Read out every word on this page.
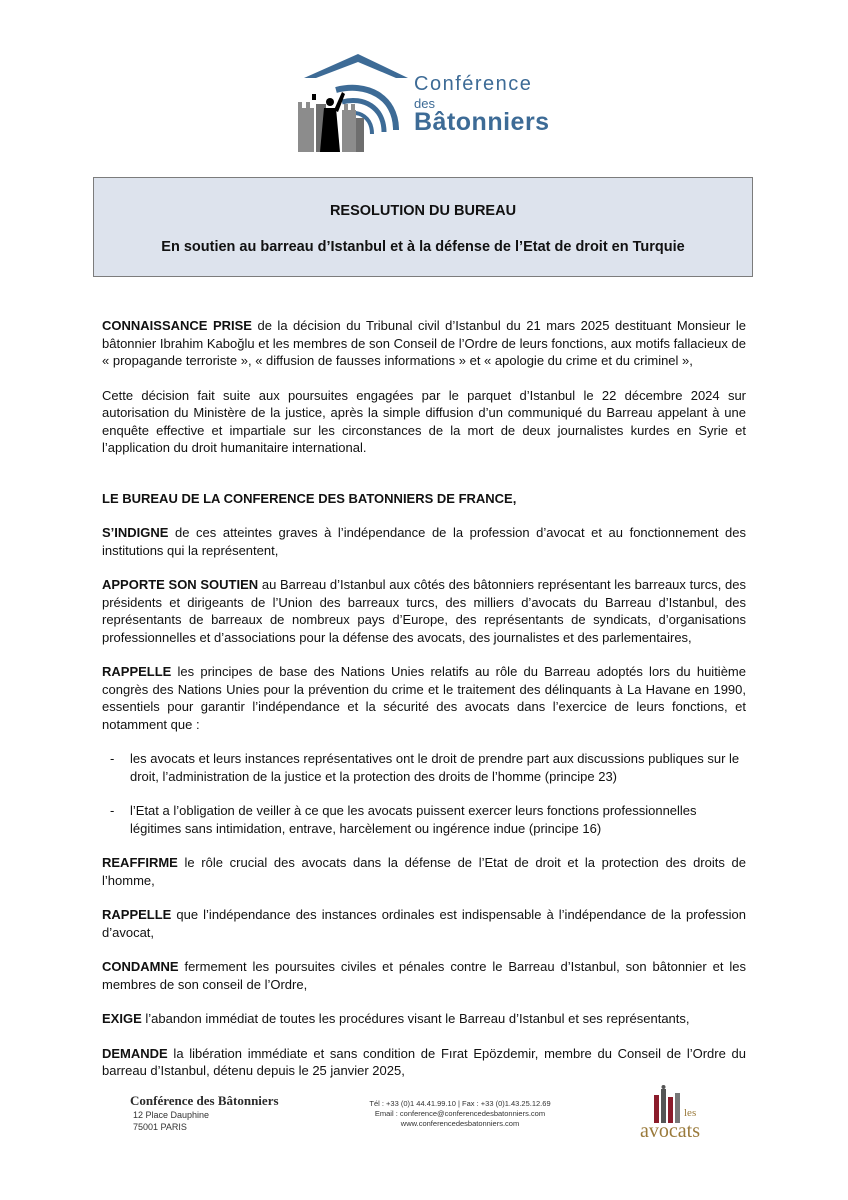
Conférence
des
Bâtonniers
RESOLUTION DU BUREAU
En soutien au barreau d’Istanbul et à la défense de l’Etat de droit en Turquie

CONNAISSANCE PRISE de la décision du Tribunal civil d’Istanbul du 21 mars 2025 destituant Monsieur le bâtonnier Ibrahim Kaboğlu et les membres de son Conseil de l’Ordre de leurs fonctions, aux motifs fallacieux de « propagande terroriste », « diffusion de fausses informations » et « apologie du crime et du criminel »,

Cette décision fait suite aux poursuites engagées par le parquet d’Istanbul le 22 décembre 2024 sur autorisation du Ministère de la justice, après la simple diffusion d’un communiqué du Barreau appelant à une enquête effective et impartiale sur les circonstances de la mort de deux journalistes kurdes en Syrie et l’application du droit humanitaire international.

LE BUREAU DE LA CONFERENCE DES BATONNIERS DE FRANCE,

S’INDIGNE de ces atteintes graves à l’indépendance de la profession d’avocat et au fonctionnement des institutions qui la représentent,

APPORTE SON SOUTIEN au Barreau d’Istanbul aux côtés des bâtonniers représentant les barreaux turcs, des présidents et dirigeants de l’Union des barreaux turcs, des milliers d’avocats du Barreau d’Istanbul, des représentants de barreaux de nombreux pays d’Europe, des représentants de syndicats, d’organisations professionnelles et d’associations pour la défense des avocats, des journalistes et des parlementaires,

RAPPELLE les principes de base des Nations Unies relatifs au rôle du Barreau adoptés lors du huitième congrès des Nations Unies pour la prévention du crime et le traitement des délinquants à La Havane en 1990, essentiels pour garantir l’indépendance et la sécurité des avocats dans l’exercice de leurs fonctions, et notamment que :

-	les avocats et leurs instances représentatives ont le droit de prendre part aux discussions publiques sur le droit, l’administration de la justice et la protection des droits de l’homme (principe 23)
-	l’Etat a l’obligation de veiller à ce que les avocats puissent exercer leurs fonctions professionnelles légitimes sans intimidation, entrave, harcèlement ou ingérence indue (principe 16)

REAFFIRME le rôle crucial des avocats dans la défense de l’Etat de droit et la protection des droits de l’homme,

RAPPELLE que l’indépendance des instances ordinales est indispensable à l’indépendance de la profession d’avocat,

CONDAMNE fermement les poursuites civiles et pénales contre le Barreau d’Istanbul, son bâtonnier et les membres de son conseil de l’Ordre,

EXIGE l’abandon immédiat de toutes les procédures visant le Barreau d’Istanbul et ses représentants,

DEMANDE la libération immédiate et sans condition de Fırat Epözdemir, membre du Conseil de l’Ordre du barreau d’Istanbul, détenu depuis le 25 janvier 2025,

Conférence des Bâtonniers
12 Place Dauphine
75001 PARIS
Tél : +33 (0)1 44.41.99.10 | Fax : +33 (0)1.43.25.12.69
Email : conference@conferencedesbatonniers.com
www.conferencedesbatonniers.com
les
avocats
